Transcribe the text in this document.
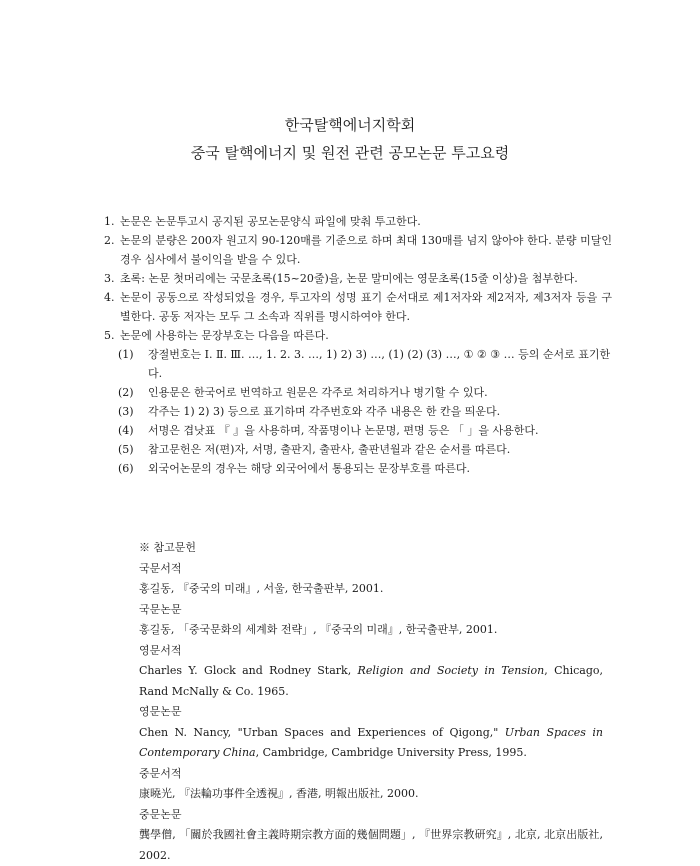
한국탈핵에너지학회
중국 탈핵에너지 및 원전 관련 공모논문 투고요령
1. 논문은 논문투고시 공지된 공모논문양식 파일에 맞춰 투고한다.
2. 논문의 분량은 200자 원고지 90-120매를 기준으로 하며 최대 130매를 넘지 않아야 한다. 분량 미달인 경우 심사에서 불이익을 받을 수 있다.
3. 초록: 논문 첫머리에는 국문초록(15~20줄)을, 논문 말미에는 영문초록(15줄 이상)을 첨부한다.
4. 논문이 공동으로 작성되었을 경우, 투고자의 성명 표기 순서대로 제1저자와 제2저자, 제3저자 등을 구별한다. 공동 저자는 모두 그 소속과 직위를 명시하여야 한다.
5. 논문에 사용하는 문장부호는 다음을 따른다.
(1)	장절번호는 Ⅰ. Ⅱ. Ⅲ. …, 1. 2. 3. …, 1) 2) 3) …, (1) (2) (3) …, ① ② ③ … 등의 순서로 표기한다.
(2)	인용문은 한국어로 번역하고 원문은 각주로 처리하거나 병기할 수 있다.
(3)	각주는 1) 2) 3) 등으로 표기하며 각주번호와 각주 내용은 한 칸을 띄운다.
(4)	서명은 겹낫표 『 』을 사용하며, 작품명이나 논문명, 편명 등은 「 」을 사용한다.
(5)	참고문헌은 저(편)자, 서명, 출판지, 출판사, 출판년월과 같은 순서를 따른다.
(6)	외국어논문의 경우는 해당 외국어에서 통용되는 문장부호를 따른다.
※ 참고문헌
국문서적
홍길동, 『중국의 미래』, 서울, 한국출판부, 2001.
국문논문
홍길동, 「중국문화의 세계화 전략」, 『중국의 미래』, 한국출판부, 2001.
영문서적
Charles Y. Glock and Rodney Stark, Religion and Society in Tension, Chicago, Rand McNally & Co. 1965.
영문논문
Chen N. Nancy, "Urban Spaces and Experiences of Qigong," Urban Spaces in Contemporary China, Cambridge, Cambridge University Press, 1995.
중문서적
康曉光, 『法輪功事件全透視』, 香港, 明報出版社, 2000.
중문논문
龔學僧, 「關於我國社會主義時期宗教方面的幾個問題」, 『世界宗教研究』, 北京, 北京出版社, 2002.
